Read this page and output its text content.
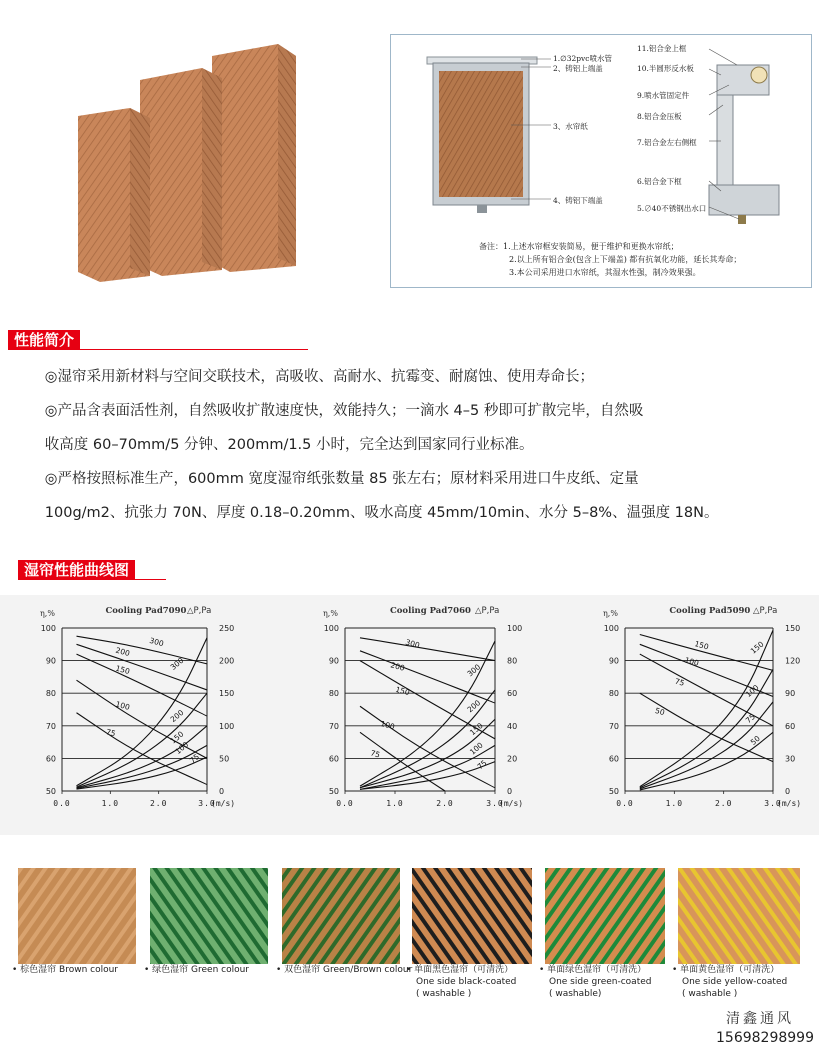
1.∅32pvc喷水管
2、铸铝上端盖
3、水帘纸
4、铸铝下端盖
11.铝合金上框
10.半圆形反水板
9.喷水管固定件
8.铝合金压板
7.铝合金左右侧框
6.铝合金下框
5.∅40不锈钢出水口
备注：1.上述水帘框安装简易，便于维护和更换水帘纸；
2.以上所有铝合金(包含上下端盖) 都有抗氧化功能，延长其寿命；
3.本公司采用进口水帘纸，其湿水性强，制冷效果强。
性能简介

◎湿帘采用新材料与空间交联技术，高吸收、高耐水、抗霉变、耐腐蚀、使用寿命长；

◎产品含表面活性剂，自然吸收扩散速度快，效能持久；一滴水 4–5 秒即可扩散完毕，自然吸

收高度 60–70mm/5 分钟、200mm/1.5 小时，完全达到国家同行业标准。

◎严格按照标准生产，600mm 宽度湿帘纸张数量 85 张左右；原材料采用进口牛皮纸、定量

100g/m2、抗张力 70N、厚度 0.18–0.20mm、吸水高度 45mm/10min、水分 5–8%、温强度 18N。

湿帘性能曲线图
100	250
90	200
80	150
70	100
60	50
50	0
0.0	1.0	2.0	3.0
(m/s)
Cooling Pad7090
η,%	△P,Pa
300
200
150
100
75
300
200
150
100
75
100	100
90	80
80	60
70	40
60	20
50	0
0.0	1.0	2.0	3.0
(m/s)
Cooling Pad7060
η,%	△P,Pa
300
200
150
100
75
300
200
150
100
75
100	150
90	120
80	90
70	60
60	30
50	0
0.0	1.0	2.0	3.0
(m/s)
Cooling Pad5090
η,%	△P,Pa
150
100
75
50
150
100
75
50
• 棕色湿帘 Brown colour	• 绿色湿帘 Green colour	• 双色湿帘 Green/Brown colour
• 单面黑色湿帘（可清洗）
One side black-coated
( washable )
• 单面绿色湿帘（可清洗）
One side green-coated
( washable)
• 单面黄色湿帘（可清洗）
One side yellow-coated
( washable )
清鑫通风
15698298999
